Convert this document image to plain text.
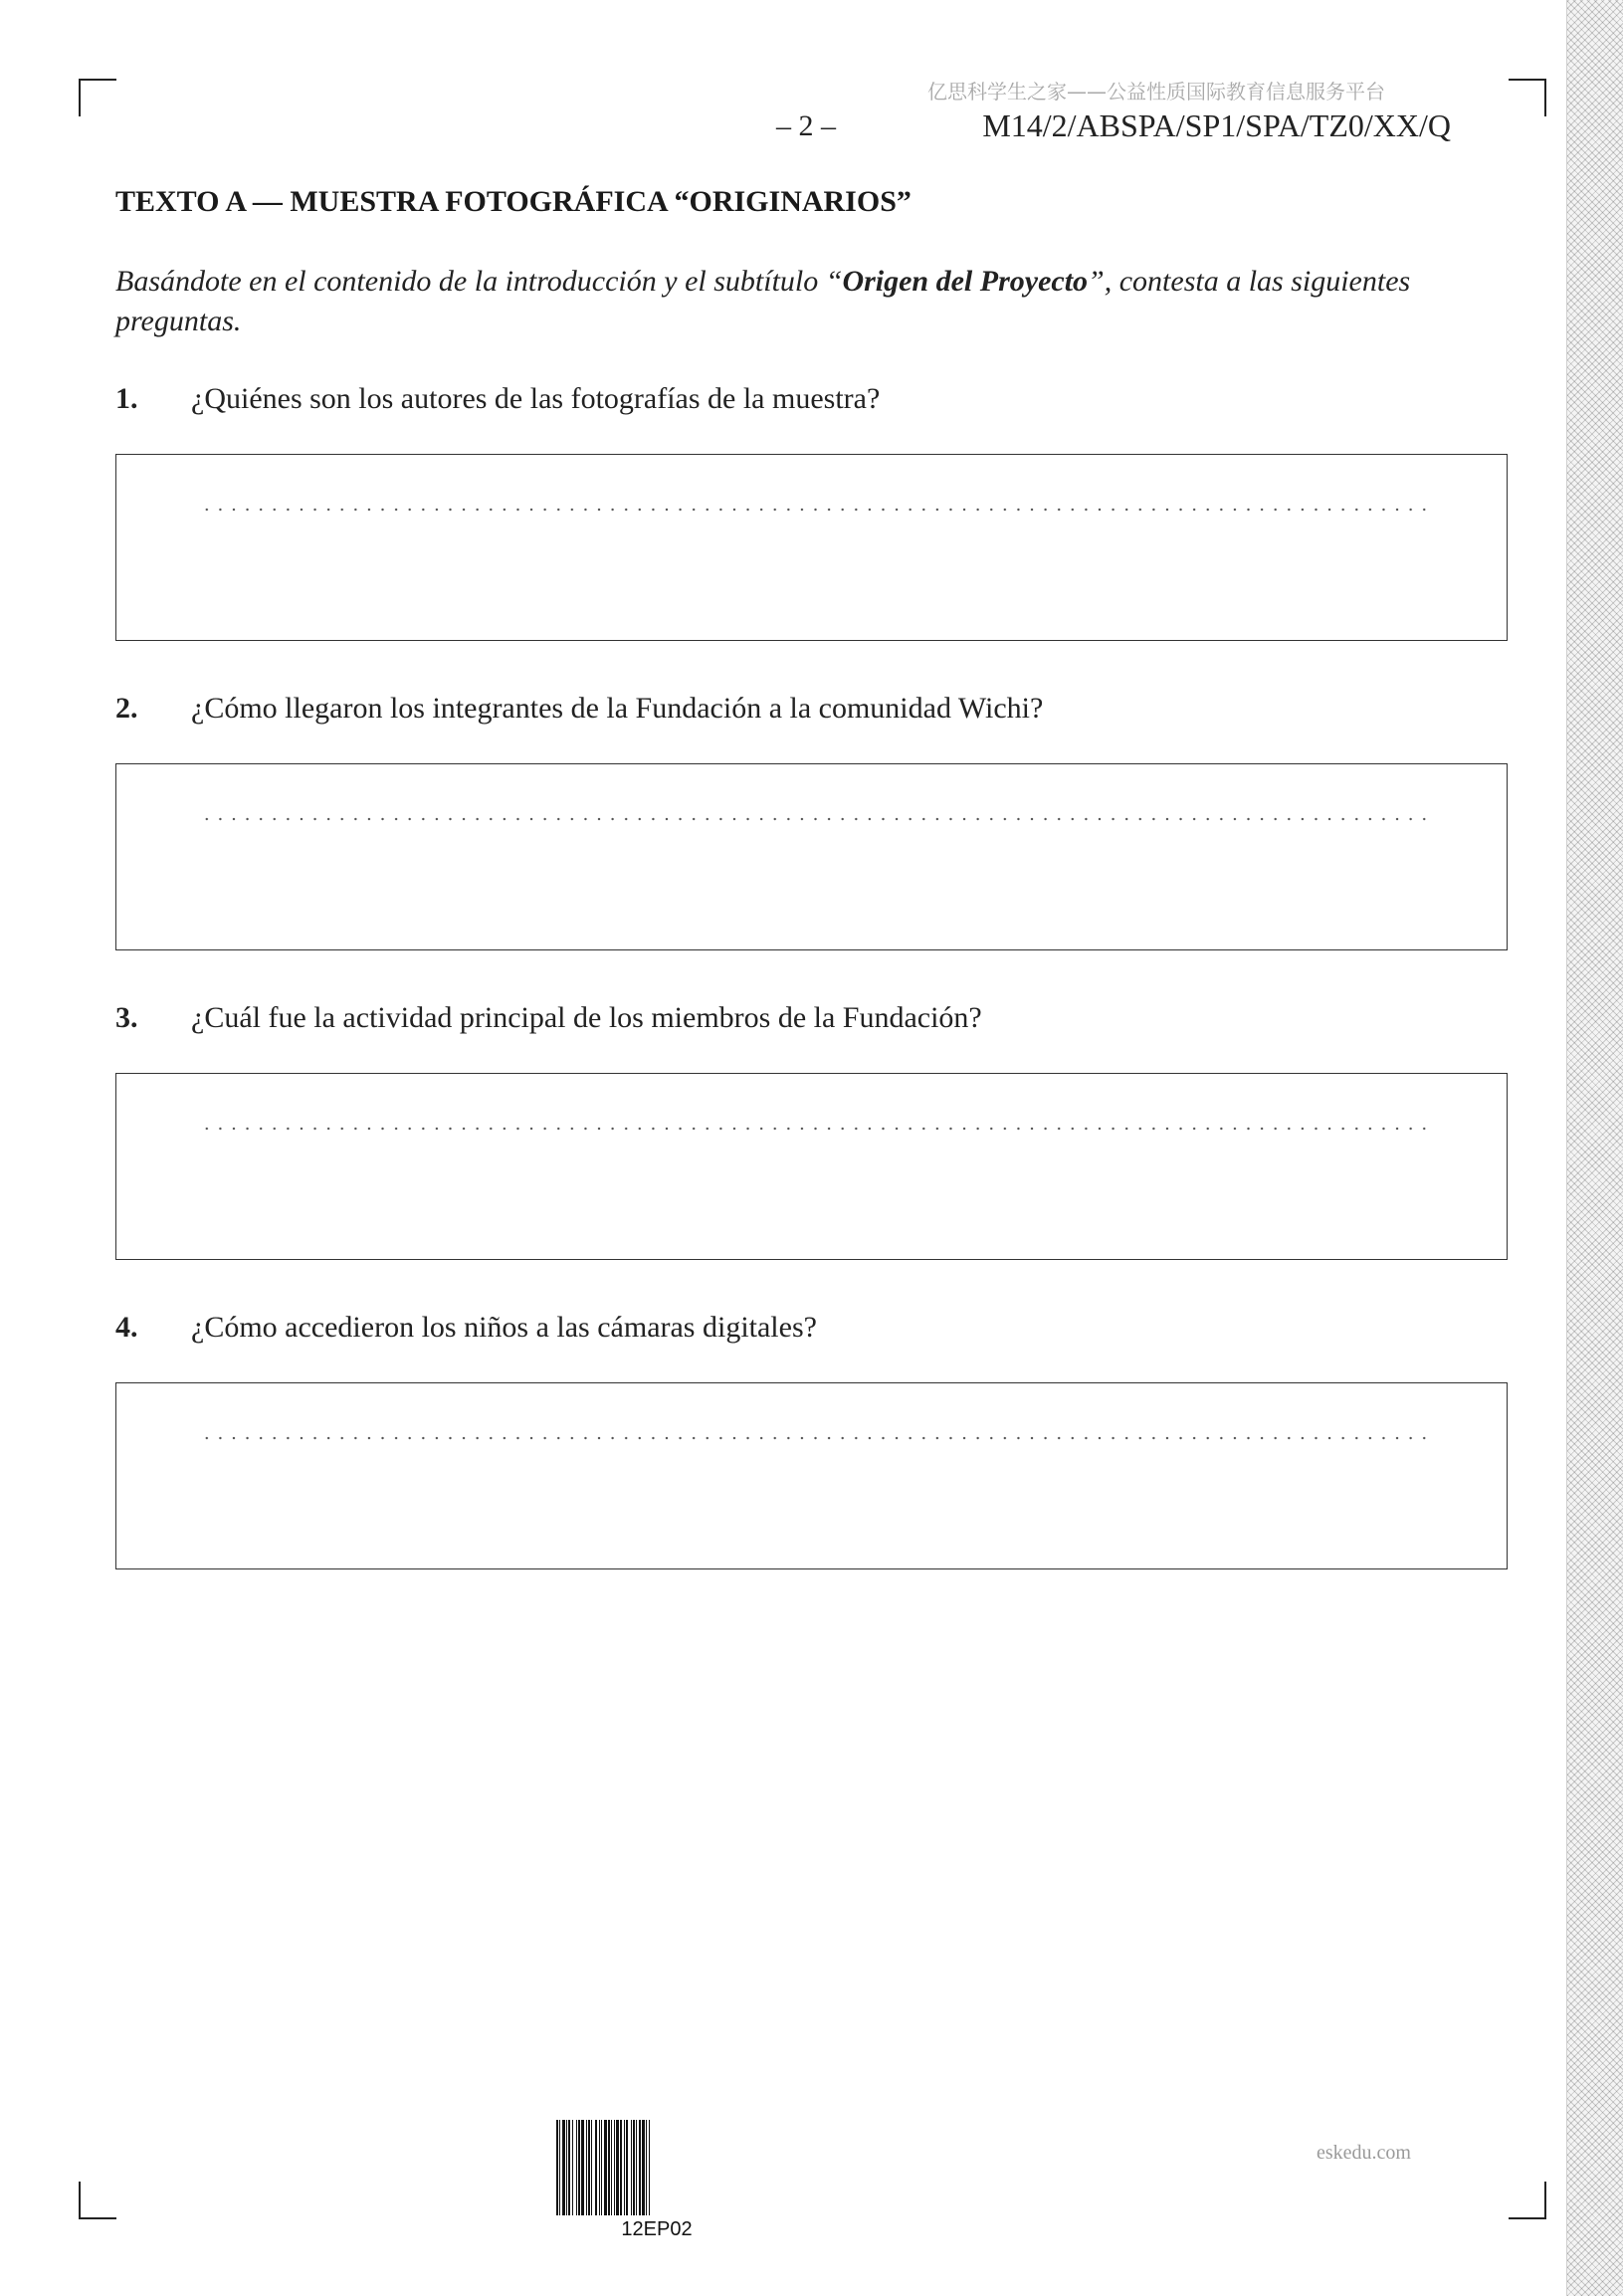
亿思科学生之家——公益性质国际教育信息服务平台
– 2 –	M14/2/ABSPA/SP1/SPA/TZ0/XX/Q
TEXTO A — MUESTRA FOTOGRÁFICA “ORIGINARIOS”

Basándote en el contenido de la introducción y el subtítulo “Origen del Proyecto”, contesta a las siguientes preguntas.

1. ¿Quiénes son los autores de las fotografías de la muestra?
2. ¿Cómo llegaron los integrantes de la Fundación a la comunidad Wichi?
3. ¿Cuál fue la actividad principal de los miembros de la Fundación?
4. ¿Cómo accedieron los niños a las cámaras digitales?
12EP02
eskedu.com
